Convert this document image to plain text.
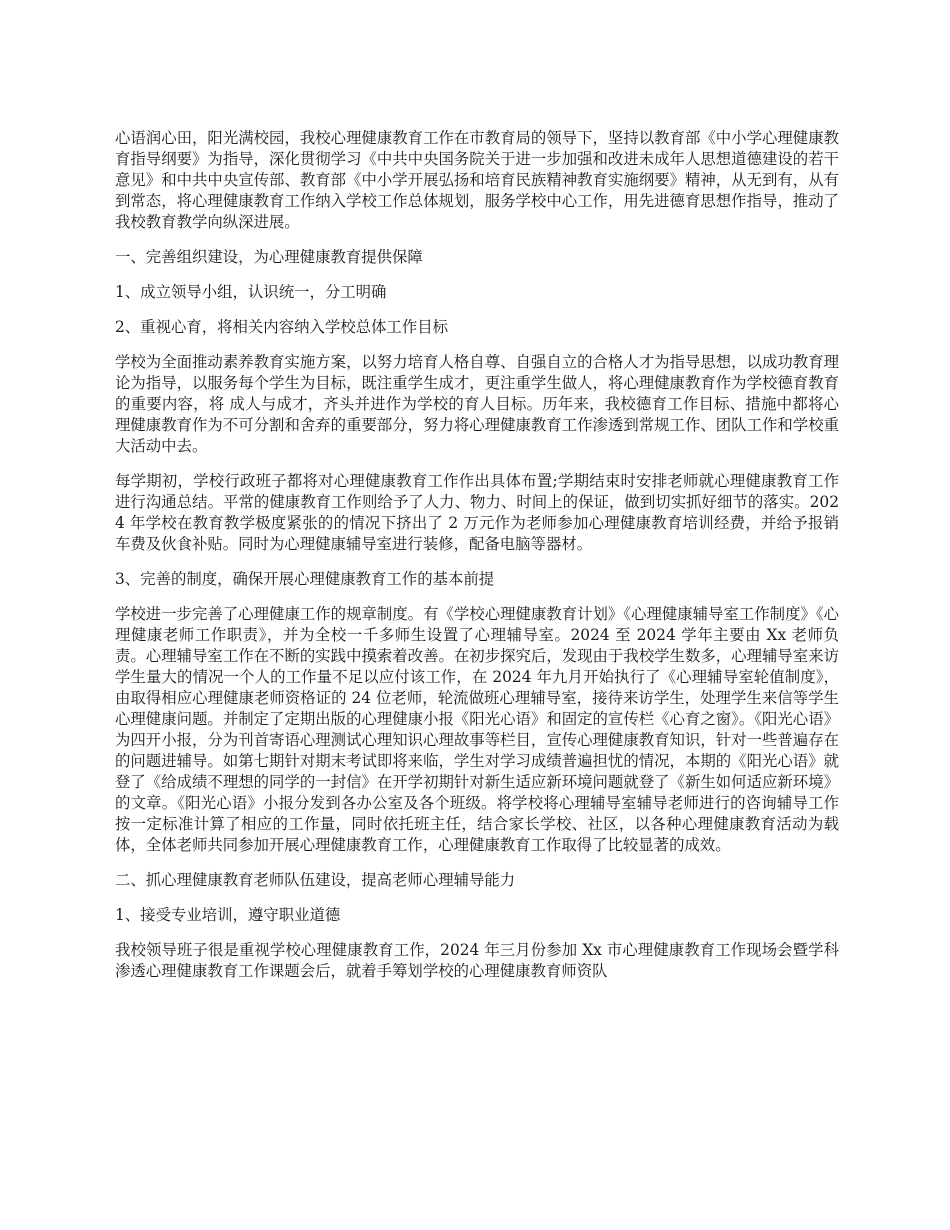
心语润心田，阳光满校园，我校心理健康教育工作在市教育局的领导下，坚持以教育部《中小学心理健康教育指导纲要》为指导，深化贯彻学习《中共中央国务院关于进一步加强和改进未成年人思想道德建设的若干意见》和中共中央宣传部、教育部《中小学开展弘扬和培育民族精神教育实施纲要》精神，从无到有，从有到常态，将心理健康教育工作纳入学校工作总体规划，服务学校中心工作，用先进德育思想作指导，推动了我校教育教学向纵深进展。

一、完善组织建设，为心理健康教育提供保障

1、成立领导小组，认识统一，分工明确

2、重视心育，将相关内容纳入学校总体工作目标

学校为全面推动素养教育实施方案，以努力培育人格自尊、自强自立的合格人才为指导思想，以成功教育理论为指导，以服务每个学生为目标，既注重学生成才，更注重学生做人，将心理健康教育作为学校德育教育的重要内容，将 成人与成才，齐头并进作为学校的育人目标。历年来，我校德育工作目标、措施中都将心理健康教育作为不可分割和舍弃的重要部分，努力将心理健康教育工作渗透到常规工作、团队工作和学校重大活动中去。

每学期初，学校行政班子都将对心理健康教育工作作出具体布置;学期结束时安排老师就心理健康教育工作进行沟通总结。平常的健康教育工作则给予了人力、物力、时间上的保证，做到切实抓好细节的落实。2024 年学校在教育教学极度紧张的的情况下挤出了 2 万元作为老师参加心理健康教育培训经费，并给予报销车费及伙食补贴。同时为心理健康辅导室进行装修，配备电脑等器材。

3、完善的制度，确保开展心理健康教育工作的基本前提

学校进一步完善了心理健康工作的规章制度。有《学校心理健康教育计划》《心理健康辅导室工作制度》《心理健康老师工作职责》，并为全校一千多师生设置了心理辅导室。2024 至 2024 学年主要由 Xx 老师负责。心理辅导室工作在不断的实践中摸索着改善。在初步探究后，发现由于我校学生数多，心理辅导室来访学生量大的情况一个人的工作量不足以应付该工作，在 2024 年九月开始执行了《心理辅导室轮值制度》，由取得相应心理健康老师资格证的 24 位老师，轮流做班心理辅导室，接待来访学生，处理学生来信等学生心理健康问题。并制定了定期出版的心理健康小报《阳光心语》和固定的宣传栏《心育之窗》。《阳光心语》为四开小报，分为刊首寄语心理测试心理知识心理故事等栏目，宣传心理健康教育知识，针对一些普遍存在的问题进辅导。如第七期针对期末考试即将来临，学生对学习成绩普遍担忧的情况，本期的《阳光心语》就登了《给成绩不理想的同学的一封信》在开学初期针对新生适应新环境问题就登了《新生如何适应新环境》的文章。《阳光心语》小报分发到各办公室及各个班级。将学校将心理辅导室辅导老师进行的咨询辅导工作按一定标准计算了相应的工作量，同时依托班主任，结合家长学校、社区，以各种心理健康教育活动为载体，全体老师共同参加开展心理健康教育工作，心理健康教育工作取得了比较显著的成效。

二、抓心理健康教育老师队伍建设，提高老师心理辅导能力

1、接受专业培训，遵守职业道德

我校领导班子很是重视学校心理健康教育工作，2024 年三月份参加 Xx 市心理健康教育工作现场会暨学科渗透心理健康教育工作课题会后，就着手筹划学校的心理健康教育师资队
